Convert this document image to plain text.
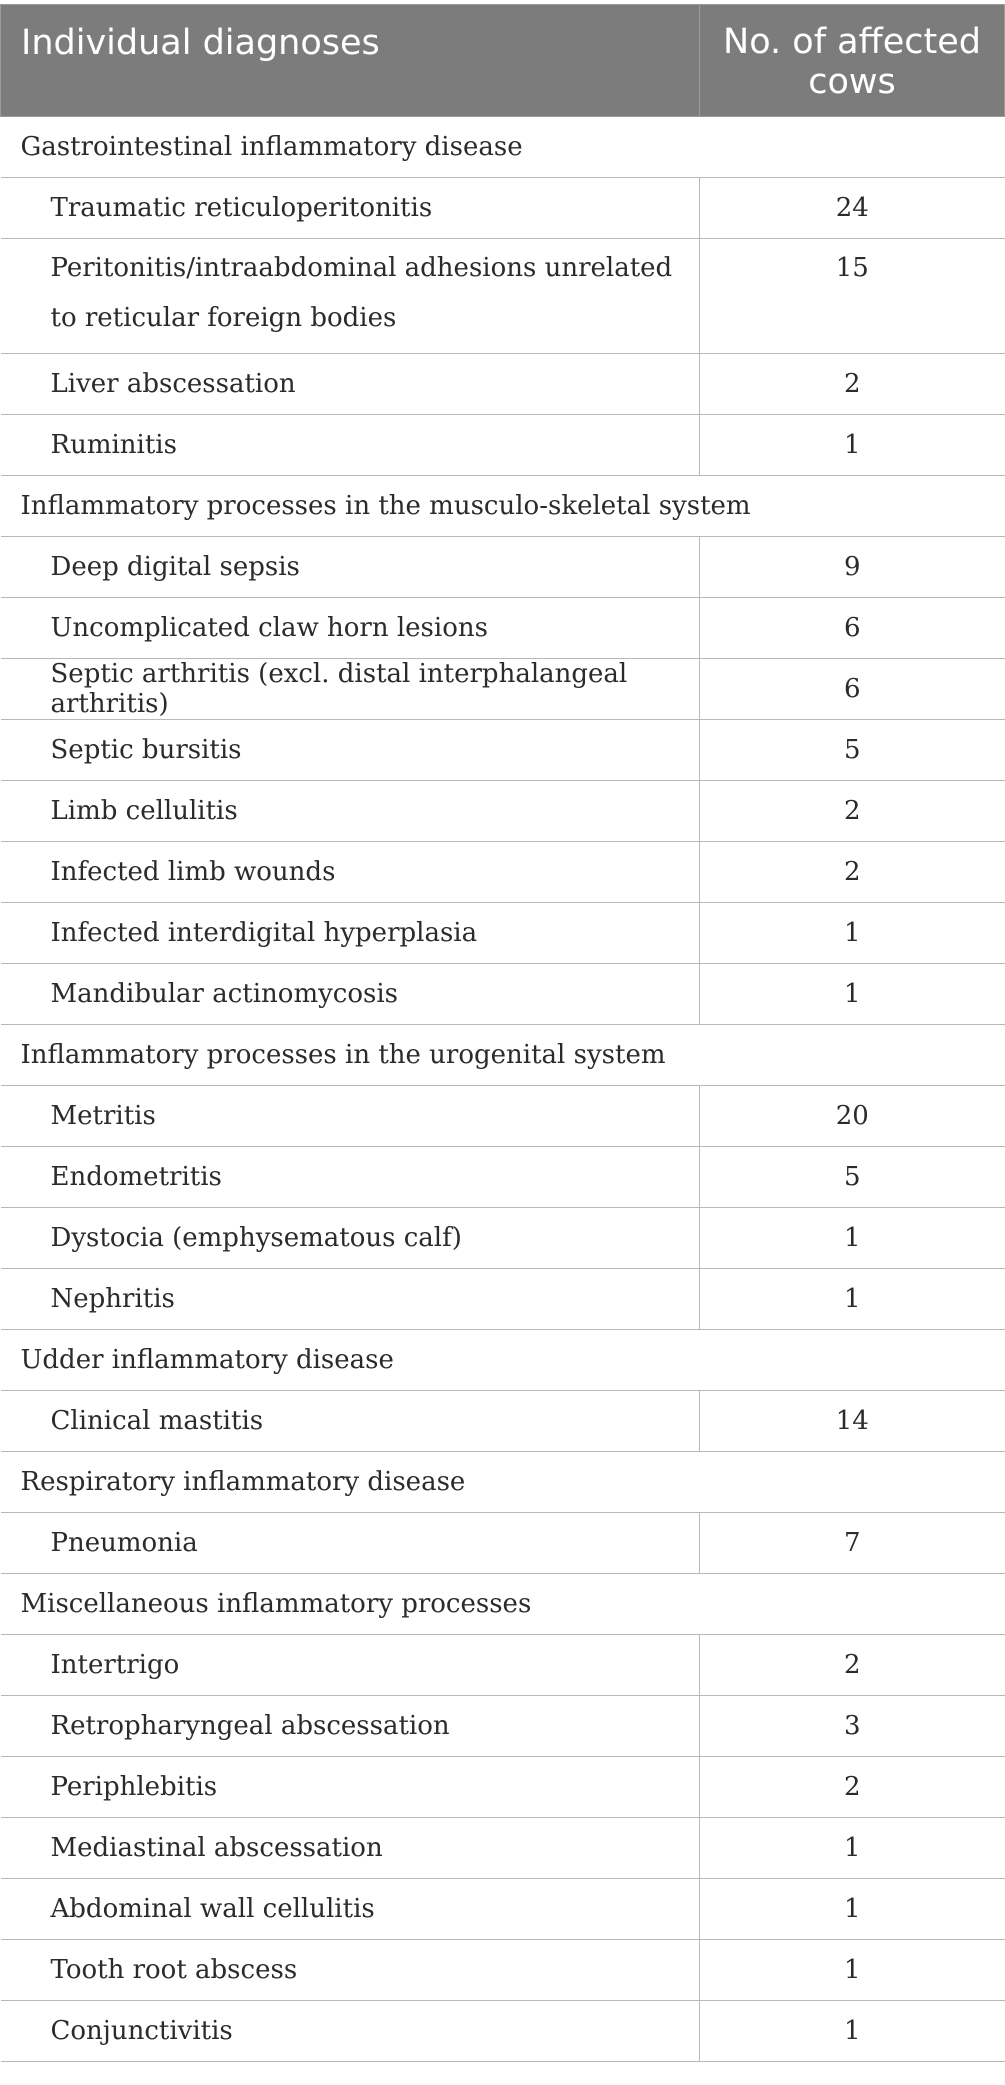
Individual diagnoses	No. of affected
cows
Gastrointestinal inflammatory disease	
Traumatic reticuloperitonitis	24
Peritonitis/intraabdominal adhesions unrelated to reticular foreign bodies	15
Liver abscessation	2
Ruminitis	1
Inflammatory processes in the musculo-skeletal system	
Deep digital sepsis	9
Uncomplicated claw horn lesions	6
Septic arthritis (excl. distal interphalangeal arthritis)	6
Septic bursitis	5
Limb cellulitis	2
Infected limb wounds	2
Infected interdigital hyperplasia	1
Mandibular actinomycosis	1
Inflammatory processes in the urogenital system	
Metritis	20
Endometritis	5
Dystocia (emphysematous calf)	1
Nephritis	1
Udder inflammatory disease	
Clinical mastitis	14
Respiratory inflammatory disease	
Pneumonia	7
Miscellaneous inflammatory processes	
Intertrigo	2
Retropharyngeal abscessation	3
Periphlebitis	2
Mediastinal abscessation	1
Abdominal wall cellulitis	1
Tooth root abscess	1
Conjunctivitis	1
